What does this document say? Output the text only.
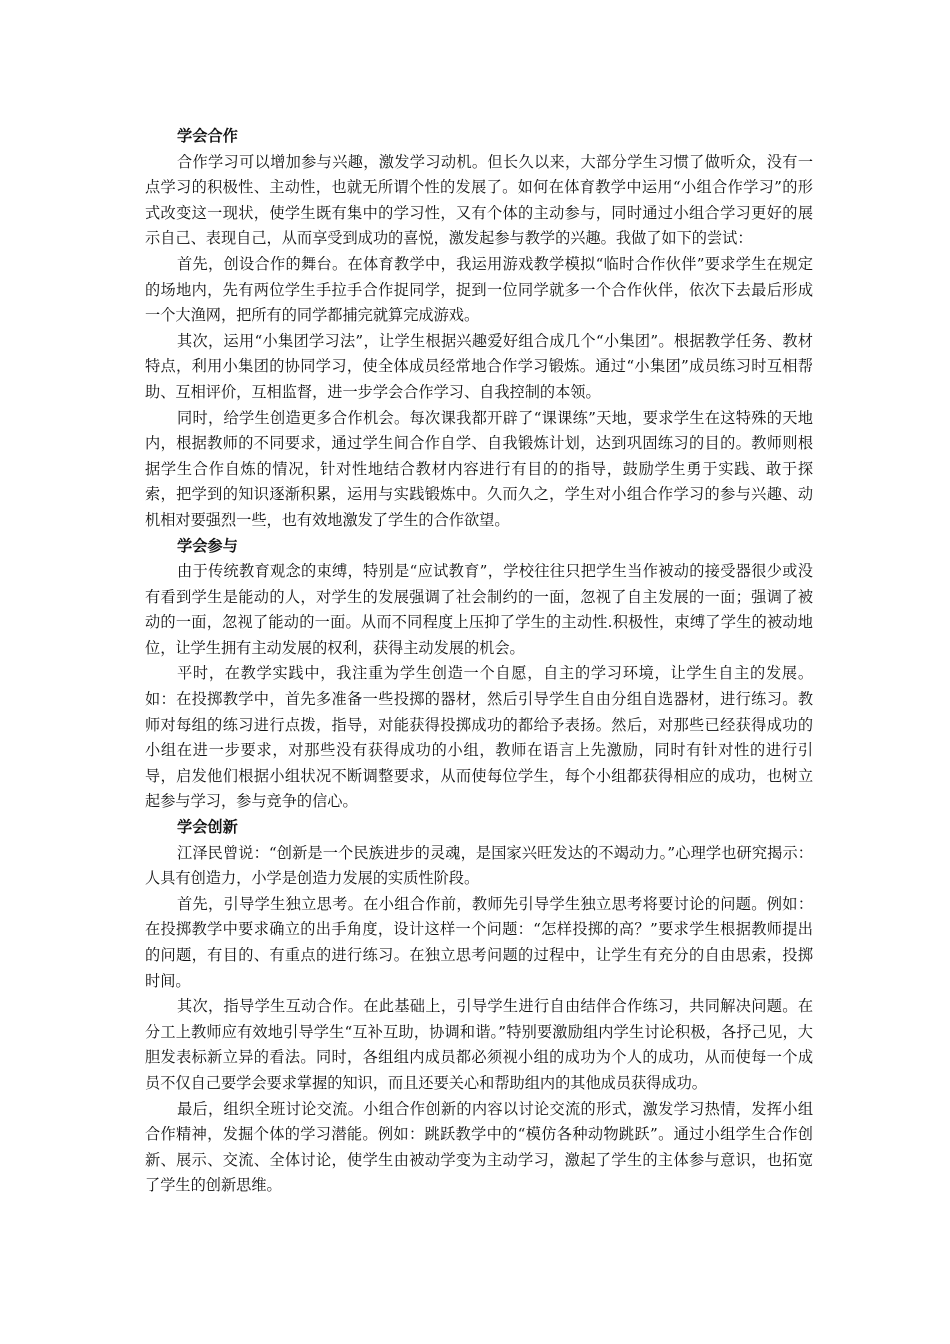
学会合作

合作学习可以增加参与兴趣，激发学习动机。但长久以来，大部分学生习惯了做听众，没有一点学习的积极性、主动性，也就无所谓个性的发展了。如何在体育教学中运用“小组合作学习”的形式改变这一现状，使学生既有集中的学习性，又有个体的主动参与，同时通过小组合学习更好的展示自己、表现自己，从而享受到成功的喜悦，激发起参与教学的兴趣。我做了如下的尝试：

首先，创设合作的舞台。在体育教学中，我运用游戏教学模拟“临时合作伙伴”要求学生在规定的场地内，先有两位学生手拉手合作捉同学，捉到一位同学就多一个合作伙伴，依次下去最后形成一个大渔网，把所有的同学都捕完就算完成游戏。

其次，运用“小集团学习法”，让学生根据兴趣爱好组合成几个“小集团”。根据教学任务、教材特点，利用小集团的协同学习，使全体成员经常地合作学习锻炼。通过“小集团”成员练习时互相帮助、互相评价，互相监督，进一步学会合作学习、自我控制的本领。

同时，给学生创造更多合作机会。每次课我都开辟了“课课练”天地，要求学生在这特殊的天地内，根据教师的不同要求，通过学生间合作自学、自我锻炼计划，达到巩固练习的目的。教师则根据学生合作自炼的情况，针对性地结合教材内容进行有目的的指导，鼓励学生勇于实践、敢于探索，把学到的知识逐渐积累，运用与实践锻炼中。久而久之，学生对小组合作学习的参与兴趣、动机相对要强烈一些，也有效地激发了学生的合作欲望。

学会参与

由于传统教育观念的束缚，特别是“应试教育”，学校往往只把学生当作被动的接受器很少或没有看到学生是能动的人，对学生的发展强调了社会制约的一面，忽视了自主发展的一面；强调了被动的一面，忽视了能动的一面。从而不同程度上压抑了学生的主动性.积极性，束缚了学生的被动地位，让学生拥有主动发展的权利，获得主动发展的机会。

平时，在教学实践中，我注重为学生创造一个自愿，自主的学习环境，让学生自主的发展。如：在投掷教学中，首先多准备一些投掷的器材，然后引导学生自由分组自选器材，进行练习。教师对每组的练习进行点拨，指导，对能获得投掷成功的都给予表扬。然后，对那些已经获得成功的小组在进一步要求，对那些没有获得成功的小组，教师在语言上先激励，同时有针对性的进行引导，启发他们根据小组状况不断调整要求，从而使每位学生，每个小组都获得相应的成功，也树立起参与学习，参与竞争的信心。

学会创新

江泽民曾说：“创新是一个民族进步的灵魂，是国家兴旺发达的不竭动力。”心理学也研究揭示：人具有创造力，小学是创造力发展的实质性阶段。

首先，引导学生独立思考。在小组合作前，教师先引导学生独立思考将要讨论的问题。例如：在投掷教学中要求确立的出手角度，设计这样一个问题：“怎样投掷的高？”要求学生根据教师提出的问题，有目的、有重点的进行练习。在独立思考问题的过程中，让学生有充分的自由思索，投掷时间。

其次，指导学生互动合作。在此基础上，引导学生进行自由结伴合作练习，共同解决问题。在分工上教师应有效地引导学生“互补互助，协调和谐。”特别要激励组内学生讨论积极，各抒己见，大胆发表标新立异的看法。同时，各组组内成员都必须视小组的成功为个人的成功，从而使每一个成员不仅自己要学会要求掌握的知识，而且还要关心和帮助组内的其他成员获得成功。

最后，组织全班讨论交流。小组合作创新的内容以讨论交流的形式，激发学习热情，发挥小组合作精神，发掘个体的学习潜能。例如：跳跃教学中的“模仿各种动物跳跃”。通过小组学生合作创新、展示、交流、全体讨论，使学生由被动学变为主动学习，激起了学生的主体参与意识，也拓宽了学生的创新思维。
